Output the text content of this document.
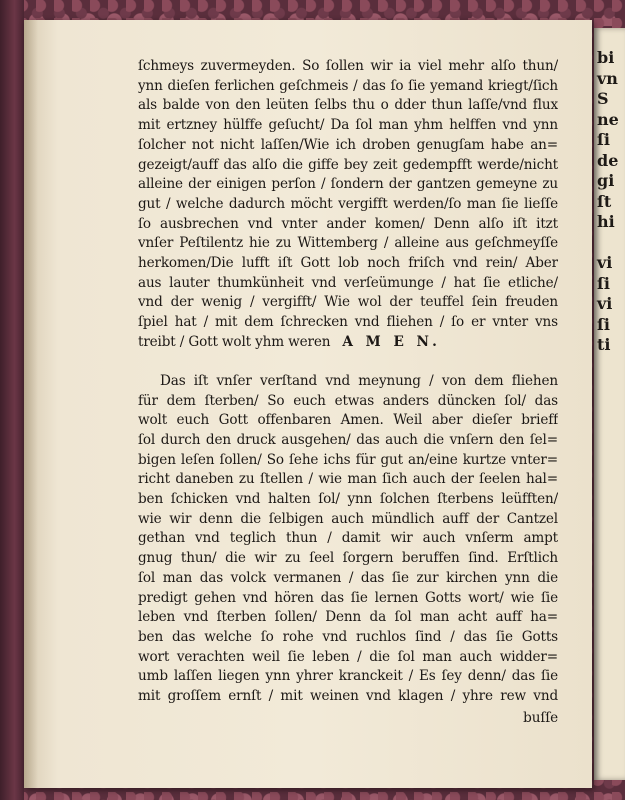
bi
vn
S
ne
ſi
de
gi
ſt
hi
vi
ſi
vi
ſi
ti
ſchmeys zuvermeyden. So ſollen wir ia viel mehr alſo thun/
ynn dieſen ferlichen geſchmeis / das ſo ſie yemand kriegt/ſich
als balde von den leüten ſelbs thu o dder thun laſſe/vnd flux
mit ertzney hülffe geſucht/ Da ſol man yhm helffen vnd ynn
ſolcher not nicht laſſen/Wie ich droben genugſam habe an=
gezeigt/auff das alſo die giffe bey zeit gedempfft werde/nicht
alleine der einigen perſon / ſondern der gantzen gemeyne zu
gut / welche dadurch möcht vergifft werden/ſo man ſie lieſſe
ſo ausbrechen vnd vnter ander komen/ Denn alſo iſt itzt
vnſer Peſtilentz hie zu Wittemberg / alleine aus geſchmeyſſe
herkomen/Die lufft iſt Gott lob noch friſch vnd rein/ Aber
aus lauter thumkünheit vnd verſeümunge / hat ſie etliche/
vnd der wenig / vergifft/ Wie wol der teuffel ſein freuden
ſpiel hat / mit dem ſchrecken vnd fliehen / ſo er vnter vns
treibt / Gott wolt yhm weren A M E N.
Das iſt vnſer verſtand vnd meynung / von dem fliehen
für dem ſterben/ So euch etwas anders düncken ſol/ das
wolt euch Gott offenbaren Amen. Weil aber dieſer brieff
ſol durch den druck ausgehen/ das auch die vnſern den ſel=
bigen leſen ſollen/ So ſehe ichs für gut an/eine kurtze vnter=
richt daneben zu ſtellen / wie man ſich auch der ſeelen hal=
ben ſchicken vnd halten ſol/ ynn ſolchen ſterbens leüfften/
wie wir denn die ſelbigen auch mündlich auff der Cantzel
gethan vnd teglich thun / damit wir auch vnſerm ampt
gnug thun/ die wir zu ſeel ſorgern beruffen ſind. Erſtlich
ſol man das volck vermanen / das ſie zur kirchen ynn die
predigt gehen vnd hören das ſie lernen Gotts wort/ wie ſie
leben vnd ſterben ſollen/ Denn da ſol man acht auff ha=
ben das welche ſo rohe vnd ruchlos ſind / das ſie Gotts
wort verachten weil ſie leben / die ſol man auch widder=
umb laſſen liegen ynn yhrer kranckeit / Es ſey denn/ das ſie
mit groſſem ernſt / mit weinen vnd klagen / yhre rew vnd
buſſe
